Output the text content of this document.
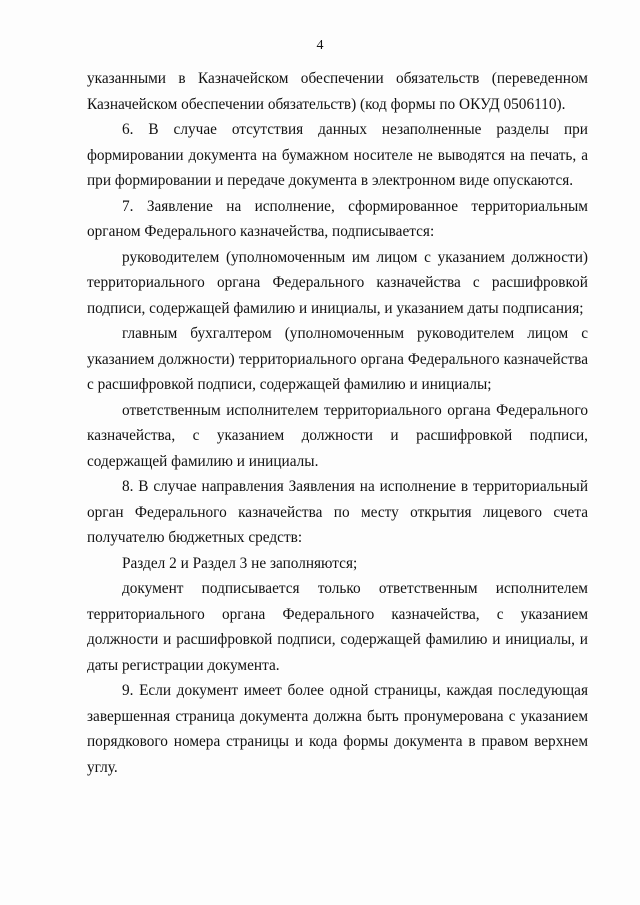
4

указанными в Казначейском обеспечении обязательств (переведенном Казначейском обеспечении обязательств) (код формы по ОКУД 0506110).

6. В случае отсутствия данных незаполненные разделы при формировании документа на бумажном носителе не выводятся на печать, а при формировании и передаче документа в электронном виде опускаются.

7. Заявление на исполнение, сформированное территориальным органом Федерального казначейства, подписывается:

руководителем (уполномоченным им лицом с указанием должности) территориального органа Федерального казначейства с расшифровкой подписи, содержащей фамилию и инициалы, и указанием даты подписания;

главным бухгалтером (уполномоченным руководителем лицом с указанием должности) территориального органа Федерального казначейства с расшифровкой подписи, содержащей фамилию и инициалы;

ответственным исполнителем территориального органа Федерального казначейства, с указанием должности и расшифровкой подписи, содержащей фамилию и инициалы.

8. В случае направления Заявления на исполнение в территориальный орган Федерального казначейства по месту открытия лицевого счета получателю бюджетных средств:

Раздел 2 и Раздел 3 не заполняются;

документ подписывается только ответственным исполнителем территориального органа Федерального казначейства, с указанием должности и расшифровкой подписи, содержащей фамилию и инициалы, и даты регистрации документа.

9. Если документ имеет более одной страницы, каждая последующая завершенная страница документа должна быть пронумерована с указанием порядкового номера страницы и кода формы документа в правом верхнем углу.
